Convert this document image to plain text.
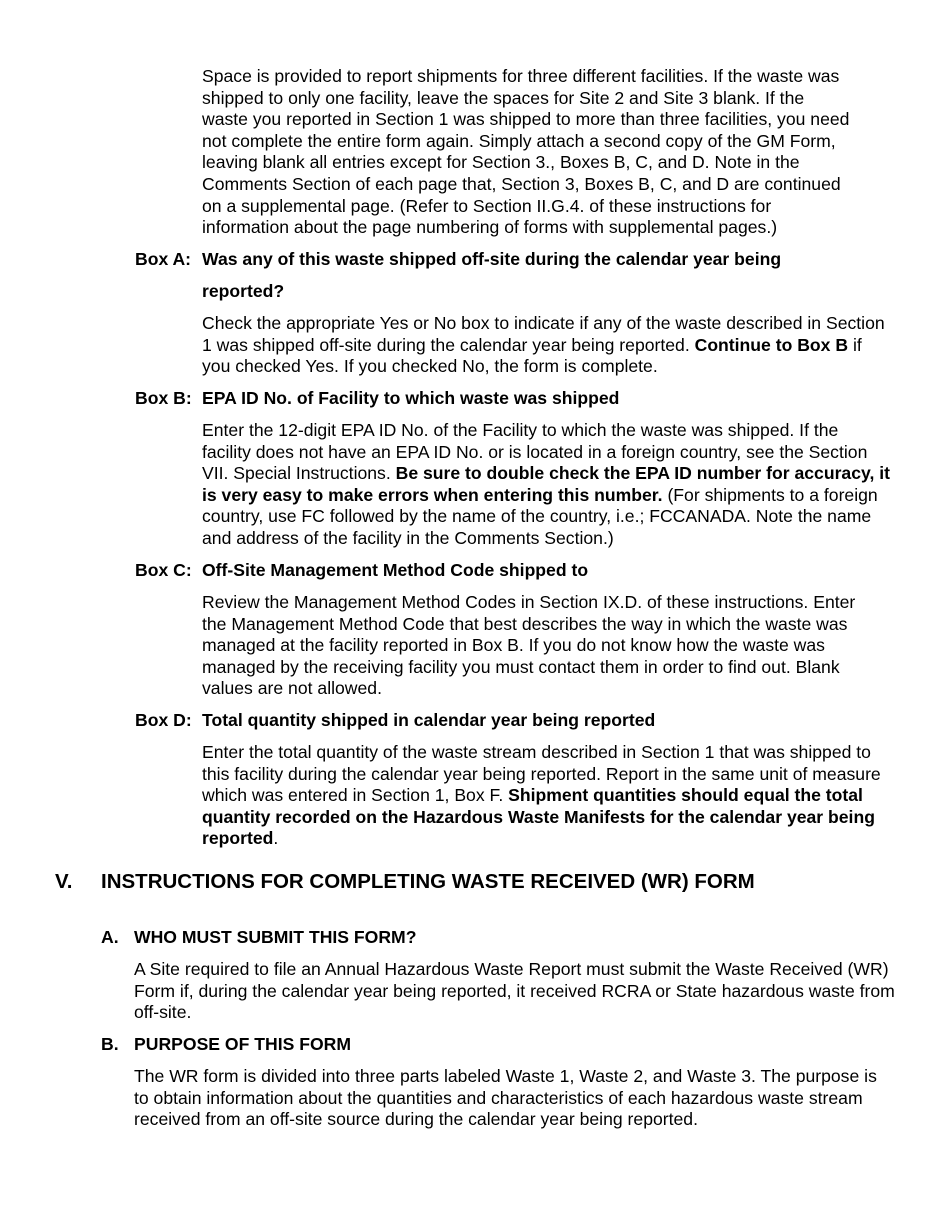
Space is provided to report shipments for three different facilities. If the waste was
shipped to only one facility, leave the spaces for Site 2 and Site 3 blank. If the
waste you reported in Section 1 was shipped to more than three facilities, you need
not complete the entire form again. Simply attach a second copy of the GM Form,
leaving blank all entries except for Section 3., Boxes B, C, and D. Note in the
Comments Section of each page that, Section 3, Boxes B, C, and D are continued
on a supplemental page. (Refer to Section II.G.4. of these instructions for
information about the page numbering of forms with supplemental pages.)
Box A: Was any of this waste shipped off-site during the calendar year being
reported?

Check the appropriate Yes or No box to indicate if any of the waste described in Section 1 was shipped off-site during the calendar year being reported. Continue to Box B if you checked Yes. If you checked No, the form is complete.

Box B: EPA ID No. of Facility to which waste was shipped

Enter the 12-digit EPA ID No. of the Facility to which the waste was shipped. If the facility does not have an EPA ID No. or is located in a foreign country, see the Section VII. Special Instructions. Be sure to double check the EPA ID number for accuracy, it is very easy to make errors when entering this number. (For shipments to a foreign country, use FC followed by the name of the country, i.e.; FCCANADA. Note the name and address of the facility in the Comments Section.)

Box C: Off-Site Management Method Code shipped to

Review the Management Method Codes in Section IX.D. of these instructions. Enter the Management Method Code that best describes the way in which the waste was managed at the facility reported in Box B. If you do not know how the waste was managed by the receiving facility you must contact them in order to find out. Blank values are not allowed.

Box D: Total quantity shipped in calendar year being reported

Enter the total quantity of the waste stream described in Section 1 that was shipped to this facility during the calendar year being reported. Report in the same unit of measure which was entered in Section 1, Box F. Shipment quantities should equal the total quantity recorded on the Hazardous Waste Manifests for the calendar year being reported.

V. INSTRUCTIONS FOR COMPLETING WASTE RECEIVED (WR) FORM
A. WHO MUST SUBMIT THIS FORM?

A Site required to file an Annual Hazardous Waste Report must submit the Waste Received (WR) Form if, during the calendar year being reported, it received RCRA or State hazardous waste from off-site.

B. PURPOSE OF THIS FORM

The WR form is divided into three parts labeled Waste 1, Waste 2, and Waste 3. The purpose is to obtain information about the quantities and characteristics of each hazardous waste stream received from an off-site source during the calendar year being reported.
